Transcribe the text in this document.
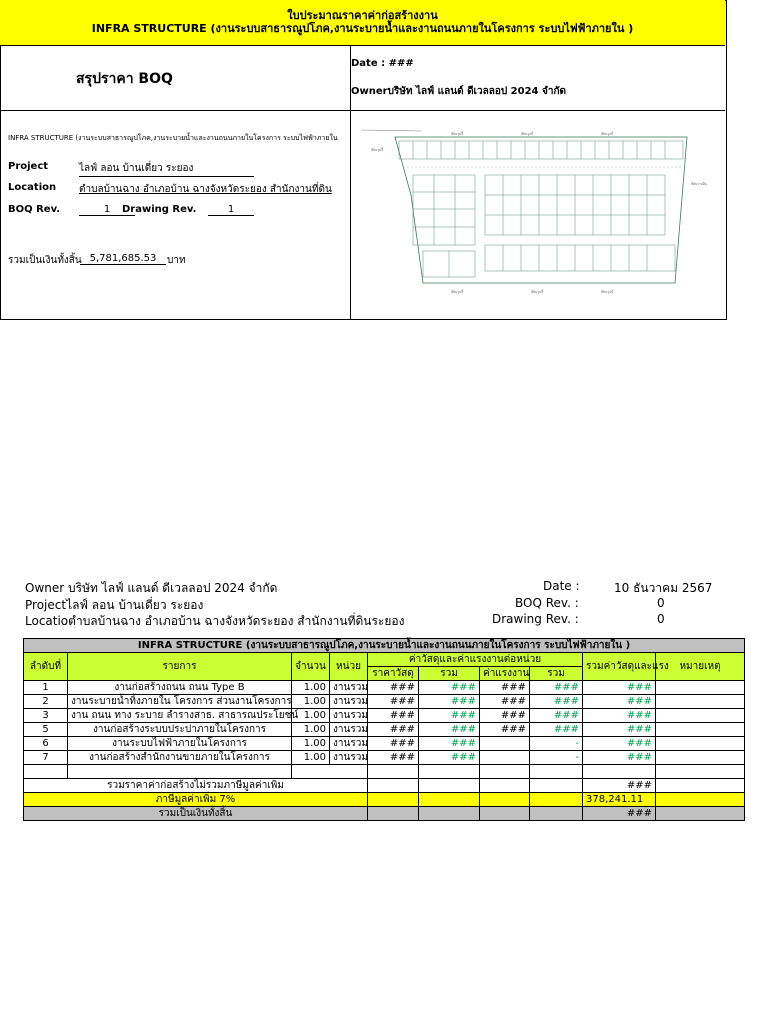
ใบประมาณราคาค่าก่อสร้างงาน
INFRA STRUCTURE (งานระบบสาธารณูปโภค,งานระบายน้ำและงานถนนภายในโครงการ ระบบไฟฟ้าภายใน )
สรุปราคา BOQ
Date : ###
Ownerบริษัท ไลฟ์ แลนด์ ดีเวลลอป 2024 จำกัด
INFRA STRUCTURE (งานระบบสาธารณูปโภค,งานระบายน้ำและงานถนนภายในโครงการ ระบบไฟฟ้าภายใน
Project	ไลฟ์ ลอน บ้านเดี่ยว ระยอง
Location ตำบลบ้านฉาง อำเภอบ้าน ฉางจังหวัดระยอง สำนักงานที่ดิน
BOQ Rev.	1	Drawing Rev.	1
รวมเป็นเงินทั้งสิ้น 5,781,685.53	บาท
ที่ดินรูปนี้	ที่ดินรูปนี้	ที่ดินรูปนี้
ที่ดินรูปนี้	ที่ดินรูปนี้	ที่ดินรูปนี้
ที่ดินรายอื่น
ที่ดินรูปนี้
Owner บริษัท ไลฟ์ แลนด์ ดีเวลลอป 2024 จำกัด
Projectไลฟ์ ลอน บ้านเดี่ยว ระยอง
Locatioตำบลบ้านฉาง อำเภอบ้าน ฉางจังหวัดระยอง สำนักงานที่ดินระยอง
Date :	10 ธันวาคม 2567
BOQ Rev. :	0
Drawing Rev. :	0
INFRA STRUCTURE (งานระบบสาธารณูปโภค,งานระบายน้ำและงานถนนภายในโครงการ ระบบไฟฟ้าภายใน )									
ลำดับที่	รายการ	จำนวน	หน่วย	ค่าวัสดุและค่าแรงงานต่อหน่วย				รวมค่าวัสดุและแรง	หมายเหตุ
				ราคาวัสดุ	รวม	ค่าแรงงาน	รวม		
1	งานก่อสร้างถนน ถนน Type B	1.00	งานรวม	###	###	###	###	###	
2	งานระบายน้ำทิ้งภายใน โครงการ ส่วนงานโครงการ	1.00	งานรวม	###	###	###	###	###	
3	งาน ถนน ทาง ระบาย ลำรางสาธ. สาธารณประโยชน์	1.00	งานรวม	###	###	###	###	###	
5	งานก่อสร้างระบบประปาภายในโครงการ	1.00	งานรวม	###	###	###	###	###	
6	งานระบบไฟฟ้าภายในโครงการ	1.00	งานรวม	###	###		-	###	
7	งานก่อสร้างสำนักงานขายภายในโครงการ	1.00	งานรวม	###	###		-	###	

รวมราคาค่าก่อสร้างไม่รวมภาษีมูลค่าเพิ่ม								###	
ภาษีมูลค่าเพิ่ม 7%								378,241.11	
รวมเป็นเงินทั้งสิ้น								###	
